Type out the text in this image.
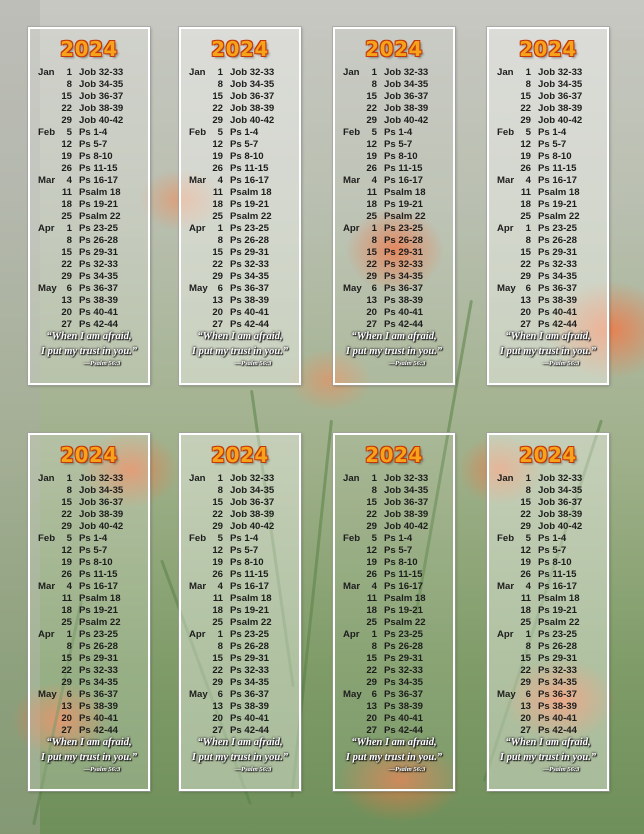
2024
Jan	1 Job 32-33
8 Job 34-35
15 Job 36-37
22 Job 38-39
29 Job 40-42
Feb	5 Ps 1-4
12 Ps 5-7
19 Ps 8-10
26 Ps 11-15
Mar	4 Ps 16-17
11 Psalm 18
18 Ps 19-21
25 Psalm 22
Apr	1 Ps 23-25
8 Ps 26-28
15 Ps 29-31
22 Ps 32-33
29 Ps 34-35
May	6 Ps 36-37
13 Ps 38-39
20 Ps 40-41
27 Ps 42-44
“When I am afraid,
I put my trust in you.”
—Psalm 56:3
2024
Jan	1 Job 32-33
8 Job 34-35
15 Job 36-37
22 Job 38-39
29 Job 40-42
Feb	5 Ps 1-4
12 Ps 5-7
19 Ps 8-10
26 Ps 11-15
Mar	4 Ps 16-17
11 Psalm 18
18 Ps 19-21
25 Psalm 22
Apr	1 Ps 23-25
8 Ps 26-28
15 Ps 29-31
22 Ps 32-33
29 Ps 34-35
May	6 Ps 36-37
13 Ps 38-39
20 Ps 40-41
27 Ps 42-44
“When I am afraid,
I put my trust in you.”
—Psalm 56:3
2024
Jan	1 Job 32-33
8 Job 34-35
15 Job 36-37
22 Job 38-39
29 Job 40-42
Feb	5 Ps 1-4
12 Ps 5-7
19 Ps 8-10
26 Ps 11-15
Mar	4 Ps 16-17
11 Psalm 18
18 Ps 19-21
25 Psalm 22
Apr	1 Ps 23-25
8 Ps 26-28
15 Ps 29-31
22 Ps 32-33
29 Ps 34-35
May	6 Ps 36-37
13 Ps 38-39
20 Ps 40-41
27 Ps 42-44
“When I am afraid,
I put my trust in you.”
—Psalm 56:3
2024
Jan	1 Job 32-33
8 Job 34-35
15 Job 36-37
22 Job 38-39
29 Job 40-42
Feb	5 Ps 1-4
12 Ps 5-7
19 Ps 8-10
26 Ps 11-15
Mar	4 Ps 16-17
11 Psalm 18
18 Ps 19-21
25 Psalm 22
Apr	1 Ps 23-25
8 Ps 26-28
15 Ps 29-31
22 Ps 32-33
29 Ps 34-35
May	6 Ps 36-37
13 Ps 38-39
20 Ps 40-41
27 Ps 42-44
“When I am afraid,
I put my trust in you.”
—Psalm 56:3
2024
Jan	1 Job 32-33
8 Job 34-35
15 Job 36-37
22 Job 38-39
29 Job 40-42
Feb	5 Ps 1-4
12 Ps 5-7
19 Ps 8-10
26 Ps 11-15
Mar	4 Ps 16-17
11 Psalm 18
18 Ps 19-21
25 Psalm 22
Apr	1 Ps 23-25
8 Ps 26-28
15 Ps 29-31
22 Ps 32-33
29 Ps 34-35
May	6 Ps 36-37
13 Ps 38-39
20 Ps 40-41
27 Ps 42-44
“When I am afraid,
I put my trust in you.”
—Psalm 56:3
2024
Jan	1 Job 32-33
8 Job 34-35
15 Job 36-37
22 Job 38-39
29 Job 40-42
Feb	5 Ps 1-4
12 Ps 5-7
19 Ps 8-10
26 Ps 11-15
Mar	4 Ps 16-17
11 Psalm 18
18 Ps 19-21
25 Psalm 22
Apr	1 Ps 23-25
8 Ps 26-28
15 Ps 29-31
22 Ps 32-33
29 Ps 34-35
May	6 Ps 36-37
13 Ps 38-39
20 Ps 40-41
27 Ps 42-44
“When I am afraid,
I put my trust in you.”
—Psalm 56:3
2024
Jan	1 Job 32-33
8 Job 34-35
15 Job 36-37
22 Job 38-39
29 Job 40-42
Feb	5 Ps 1-4
12 Ps 5-7
19 Ps 8-10
26 Ps 11-15
Mar	4 Ps 16-17
11 Psalm 18
18 Ps 19-21
25 Psalm 22
Apr	1 Ps 23-25
8 Ps 26-28
15 Ps 29-31
22 Ps 32-33
29 Ps 34-35
May	6 Ps 36-37
13 Ps 38-39
20 Ps 40-41
27 Ps 42-44
“When I am afraid,
I put my trust in you.”
—Psalm 56:3
2024
Jan	1 Job 32-33
8 Job 34-35
15 Job 36-37
22 Job 38-39
29 Job 40-42
Feb	5 Ps 1-4
12 Ps 5-7
19 Ps 8-10
26 Ps 11-15
Mar	4 Ps 16-17
11 Psalm 18
18 Ps 19-21
25 Psalm 22
Apr	1 Ps 23-25
8 Ps 26-28
15 Ps 29-31
22 Ps 32-33
29 Ps 34-35
May	6 Ps 36-37
13 Ps 38-39
20 Ps 40-41
27 Ps 42-44
“When I am afraid,
I put my trust in you.”
—Psalm 56:3
